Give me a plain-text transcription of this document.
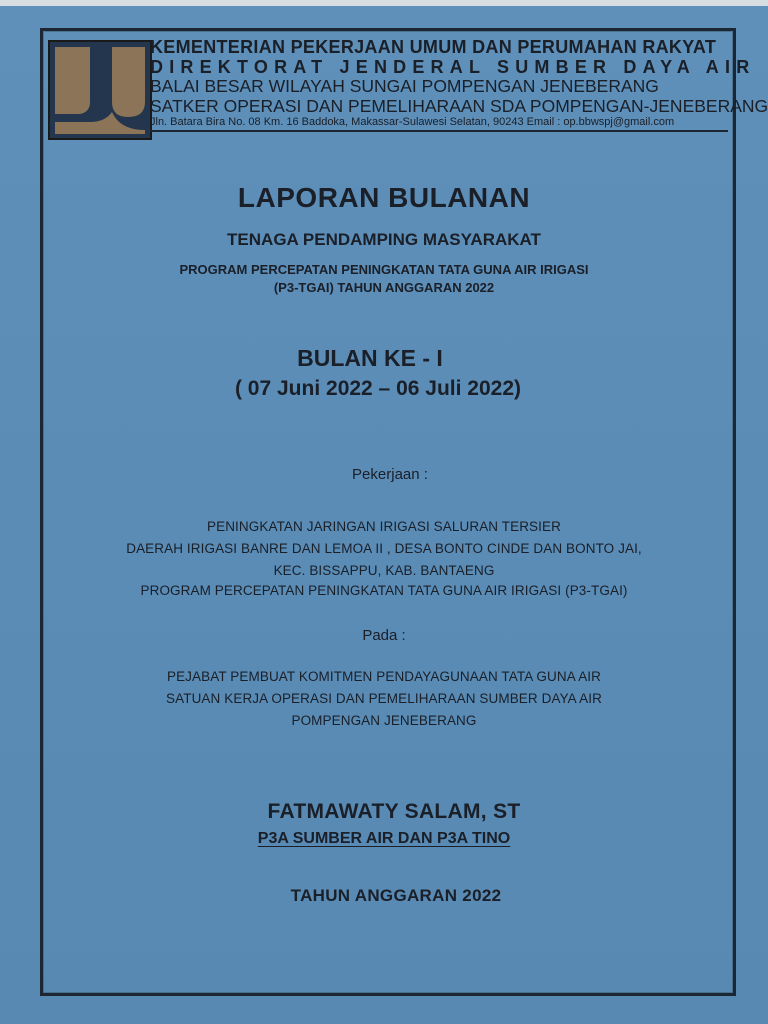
KEMENTERIAN PEKERJAAN UMUM DAN PERUMAHAN RAKYAT
DIREKTORAT JENDERAL SUMBER DAYA AIR
BALAI BESAR WILAYAH SUNGAI POMPENGAN JENEBERANG
SATKER OPERASI DAN PEMELIHARAAN SDA POMPENGAN-JENEBERANG
Jln. Batara Bira No. 08 Km. 16 Baddoka, Makassar-Sulawesi Selatan, 90243 Email : op.bbwspj@gmail.com
LAPORAN BULANAN
TENAGA PENDAMPING MASYARAKAT
PROGRAM PERCEPATAN PENINGKATAN TATA GUNA AIR IRIGASI
(P3-TGAI) TAHUN ANGGARAN 2022
BULAN KE - I
( 07 Juni 2022 – 06 Juli 2022)
Pekerjaan :
PENINGKATAN JARINGAN IRIGASI SALURAN TERSIER
DAERAH IRIGASI BANRE DAN LEMOA II , DESA BONTO CINDE DAN BONTO JAI,
KEC. BISSAPPU, KAB. BANTAENG
PROGRAM PERCEPATAN PENINGKATAN TATA GUNA AIR IRIGASI (P3-TGAI)
Pada :
PEJABAT PEMBUAT KOMITMEN PENDAYAGUNAAN TATA GUNA AIR
SATUAN KERJA OPERASI DAN PEMELIHARAAN SUMBER DAYA AIR
POMPENGAN JENEBERANG
FATMAWATY SALAM, ST
P3A SUMBER AIR DAN P3A TINO
TAHUN ANGGARAN 2022
